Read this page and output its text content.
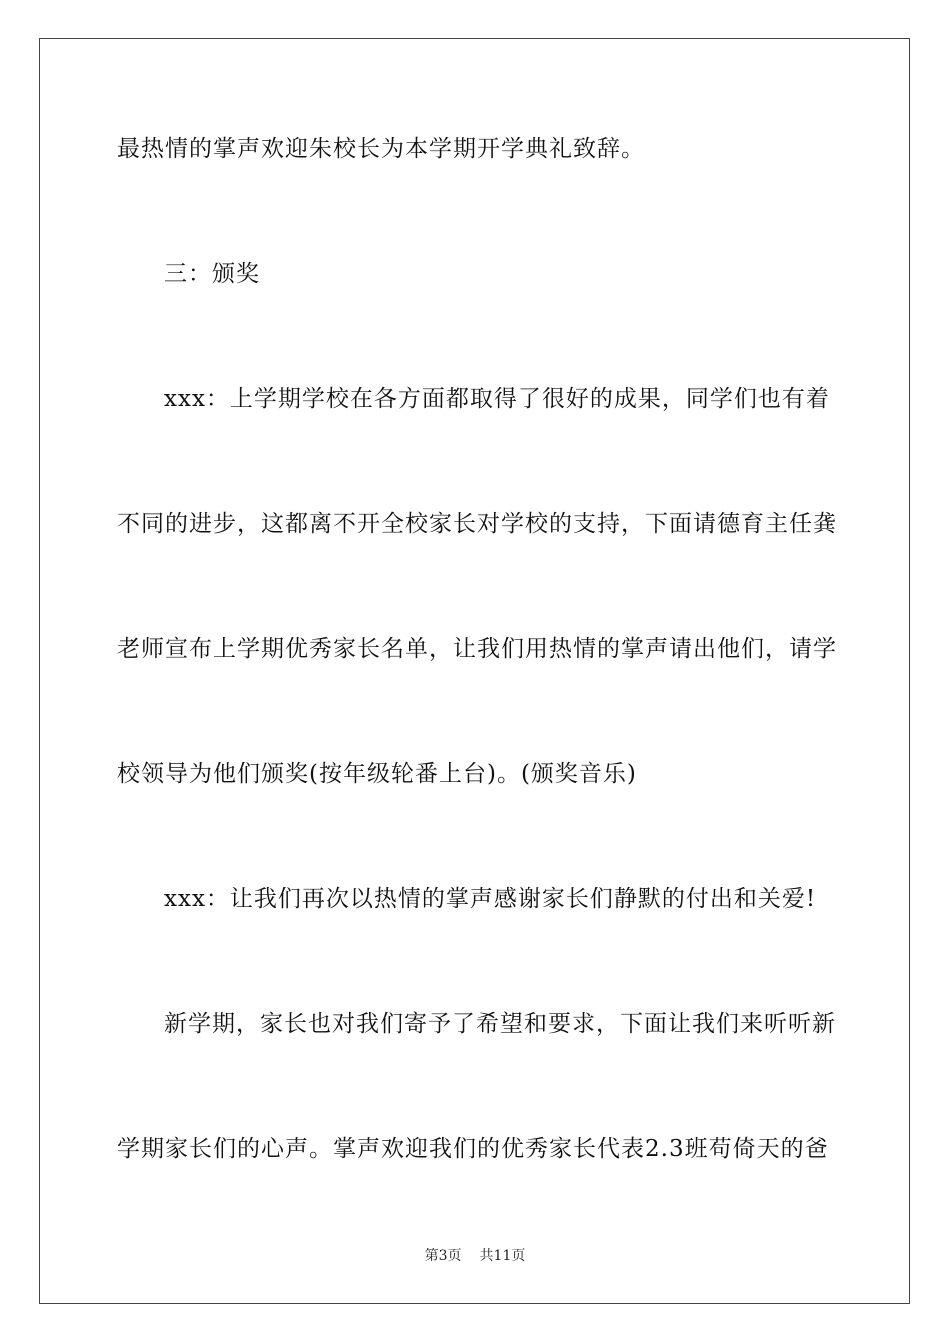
最热情的掌声欢迎朱校长为本学期开学典礼致辞。
三：颁奖
xxx：上学期学校在各方面都取得了很好的成果，同学们也有着
不同的进步，这都离不开全校家长对学校的支持，下面请德育主任龚
老师宣布上学期优秀家长名单，让我们用热情的掌声请出他们，请学
校领导为他们颁奖(按年级轮番上台)。(颁奖音乐)
xxx：让我们再次以热情的掌声感谢家长们静默的付出和关爱!
新学期，家长也对我们寄予了希望和要求，下面让我们来听听新
学期家长们的心声。掌声欢迎我们的优秀家长代表2.3班苟倚天的爸
第3页 共11页
